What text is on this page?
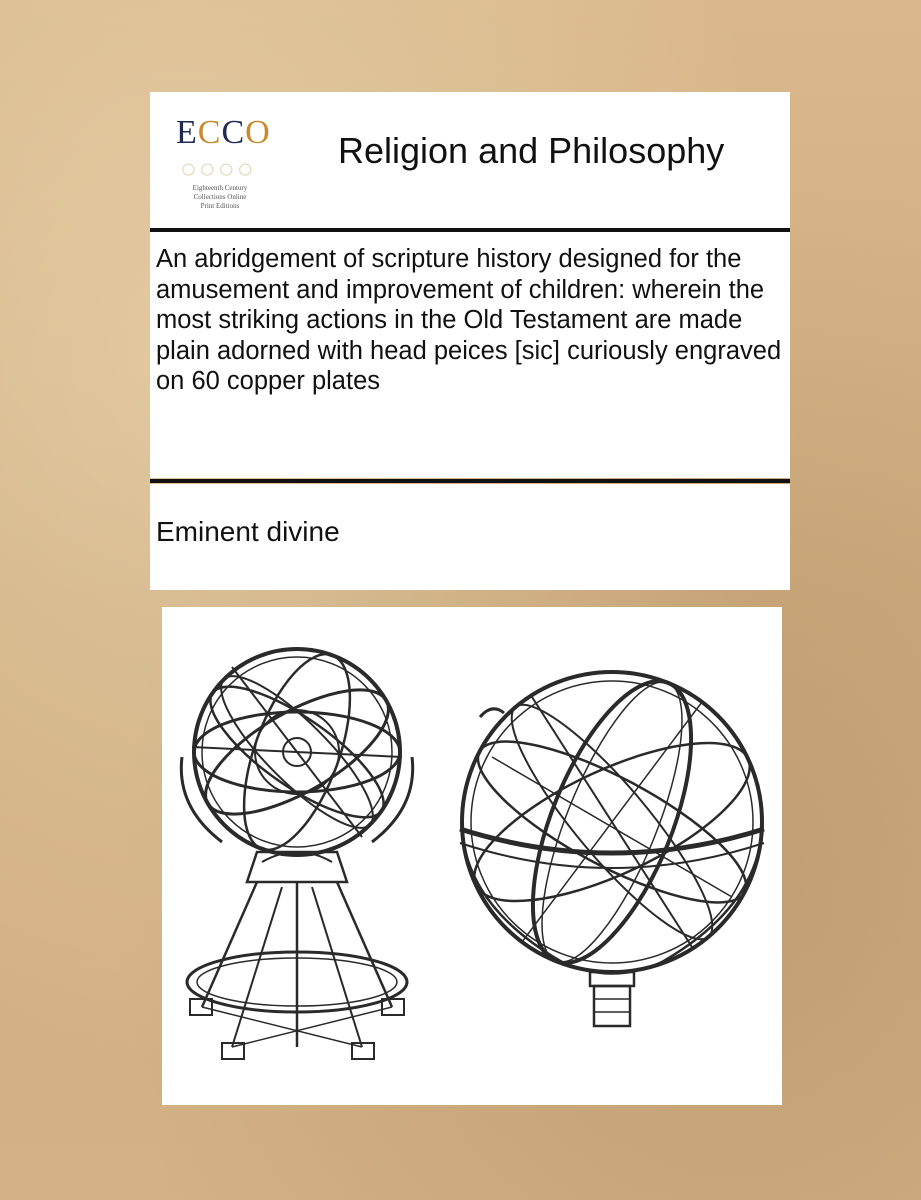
ECCO
○○○○
Eighteenth Century
Collections Online
Print Editions
Religion and Philosophy
An abridgement of scripture history designed for the amusement and improvement of children: wherein the most striking actions in the Old Testament are made plain adorned with head peices [sic] curiously engraved on 60 copper plates
Eminent divine
